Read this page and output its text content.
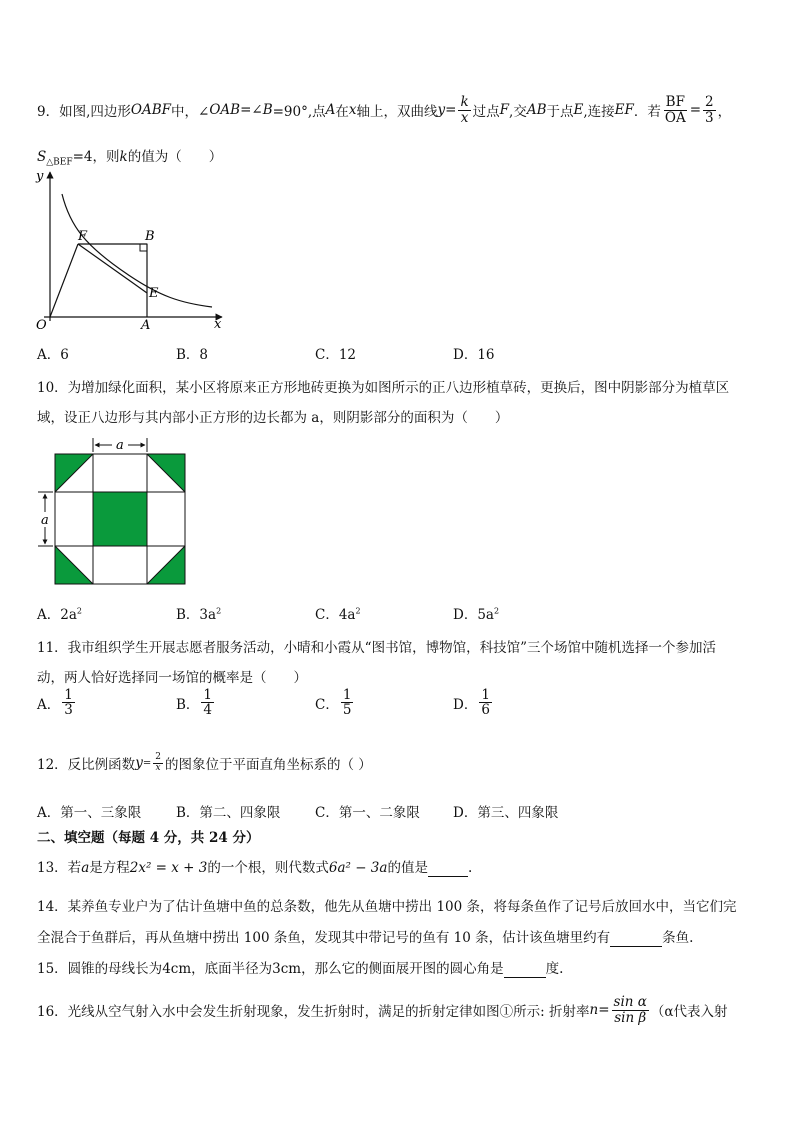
9．如图,四边形 OABF 中，∠ OAB =∠ B =90°,点 A 在 x 轴上，双曲线 $y = \frac{k}{x}$ 过点 F ,交 AB 于点 E ,连接 EF ．若 $\frac{BF}{OA} = \frac{2}{3}$ ，
$S_{\triangle BEF}=4$，则k的值为（　　）
y
x
O	A
B
F
E
A．6	B．8	C．12	D．16
10．为增加绿化面积，某小区将原来正方形地砖更换为如图所示的正八边形植草砖，更换后，图中阴影部分为植草区
域，设正八边形与其内部小正方形的边长都为 a，则阴影部分的面积为（　　）
a
a
A．$2a^2$	B．$3a^2$	C．$4a^2$	D．$5a^2$
11．我市组织学生开展志愿者服务活动，小晴和小霞从“图书馆，博物馆，科技馆”三个场馆中随机选择一个参加活
动，两人恰好选择同一场馆的概率是（　　）
A． $\frac{1}{3}$	B． $\frac{1}{4}$	C． $\frac{1}{5}$	D． $\frac{1}{6}$
12．反比例函数 $y = \frac{2}{x}$ 的图象位于平面直角坐标系的（ ）
A．第一、三象限	B．第二、四象限	C．第一、二象限 D．第三、四象限
二、填空题（每题 4 分，共 24 分）
13．若a是方程2x² = x + 3的一个根，则代数式6a² − 3a的值是	.
14．某养鱼专业户为了估计鱼塘中鱼的总条数，他先从鱼塘中捞出 100 条，将每条鱼作了记号后放回水中，当它们完
全混合于鱼群后，再从鱼塘中捞出 100 条鱼，发现其中带记号的鱼有 10 条，估计该鱼塘里约有	条鱼.
15．圆锥的母线长为4cm，底面半径为3cm，那么它的侧面展开图的圆心角是	度.
16．光线从空气射入水中会发生折射现象，发生折射时，满足的折射定律如图①所示: 折射率 $n = \frac{\text{sin α}}{\text{sin β}} (\alpha$代表入射
